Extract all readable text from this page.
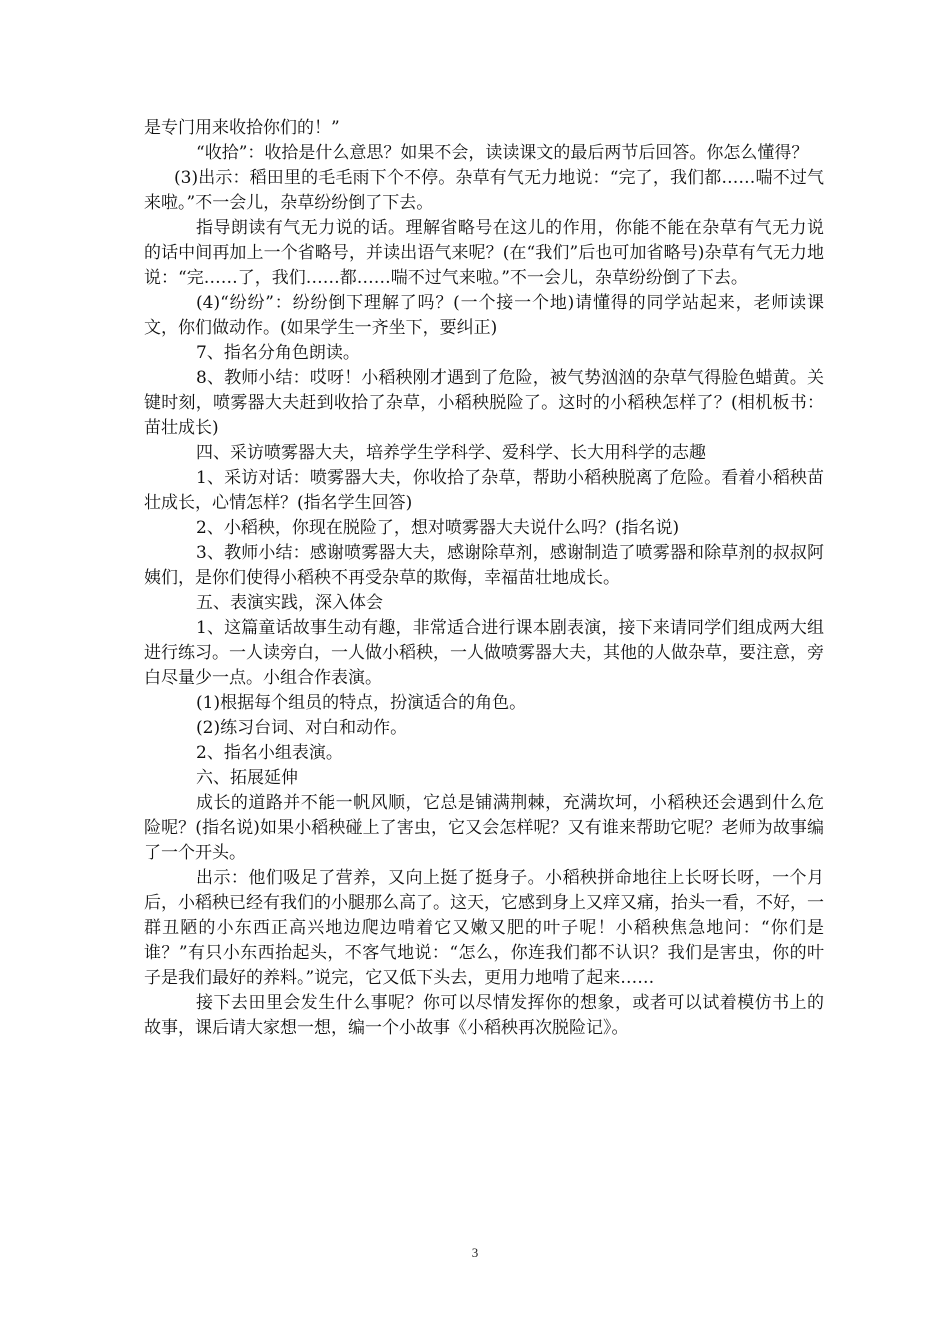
是专门用来收拾你们的！”

“收拾”：收拾是什么意思？如果不会，读读课文的最后两节后回答。你怎么懂得？

(3)出示：稻田里的毛毛雨下个不停。杂草有气无力地说：“完了，我们都……喘不过气来啦。”不一会儿，杂草纷纷倒了下去。

指导朗读有气无力说的话。理解省略号在这儿的作用，你能不能在杂草有气无力说的话中间再加上一个省略号，并读出语气来呢？(在“我们”后也可加省略号)杂草有气无力地说：“完……了，我们……都……喘不过气来啦。”不一会儿，杂草纷纷倒了下去。

(4)“纷纷”：纷纷倒下理解了吗？(一个接一个地)请懂得的同学站起来，老师读课文，你们做动作。(如果学生一齐坐下，要纠正)

7、指名分角色朗读。

8、教师小结：哎呀！小稻秧刚才遇到了危险，被气势汹汹的杂草气得脸色蜡黄。关键时刻，喷雾器大夫赶到收拾了杂草，小稻秧脱险了。这时的小稻秧怎样了？(相机板书：苗壮成长)

四、采访喷雾器大夫，培养学生学科学、爱科学、长大用科学的志趣

1、采访对话：喷雾器大夫，你收拾了杂草，帮助小稻秧脱离了危险。看着小稻秧苗壮成长，心情怎样？(指名学生回答)

2、小稻秧，你现在脱险了，想对喷雾器大夫说什么吗？(指名说)

3、教师小结：感谢喷雾器大夫，感谢除草剂，感谢制造了喷雾器和除草剂的叔叔阿姨们，是你们使得小稻秧不再受杂草的欺侮，幸福苗壮地成长。

五、表演实践，深入体会

1、这篇童话故事生动有趣，非常适合进行课本剧表演，接下来请同学们组成两大组进行练习。一人读旁白，一人做小稻秧，一人做喷雾器大夫，其他的人做杂草，要注意，旁白尽量少一点。小组合作表演。

(1)根据每个组员的特点，扮演适合的角色。

(2)练习台词、对白和动作。

2、指名小组表演。

六、拓展延伸

成长的道路并不能一帆风顺，它总是铺满荆棘，充满坎坷，小稻秧还会遇到什么危险呢？(指名说)如果小稻秧碰上了害虫，它又会怎样呢？又有谁来帮助它呢？老师为故事编了一个开头。

出示：他们吸足了营养，又向上挺了挺身子。小稻秧拼命地往上长呀长呀，一个月后，小稻秧已经有我们的小腿那么高了。这天，它感到身上又痒又痛，抬头一看，不好，一群丑陋的小东西正高兴地边爬边啃着它又嫩又肥的叶子呢！小稻秧焦急地问：“你们是谁？”有只小东西抬起头，不客气地说：“怎么，你连我们都不认识？我们是害虫，你的叶子是我们最好的养料。”说完，它又低下头去，更用力地啃了起来……

接下去田里会发生什么事呢？你可以尽情发挥你的想象，或者可以试着模仿书上的故事，课后请大家想一想，编一个小故事《小稻秧再次脱险记》。

3
